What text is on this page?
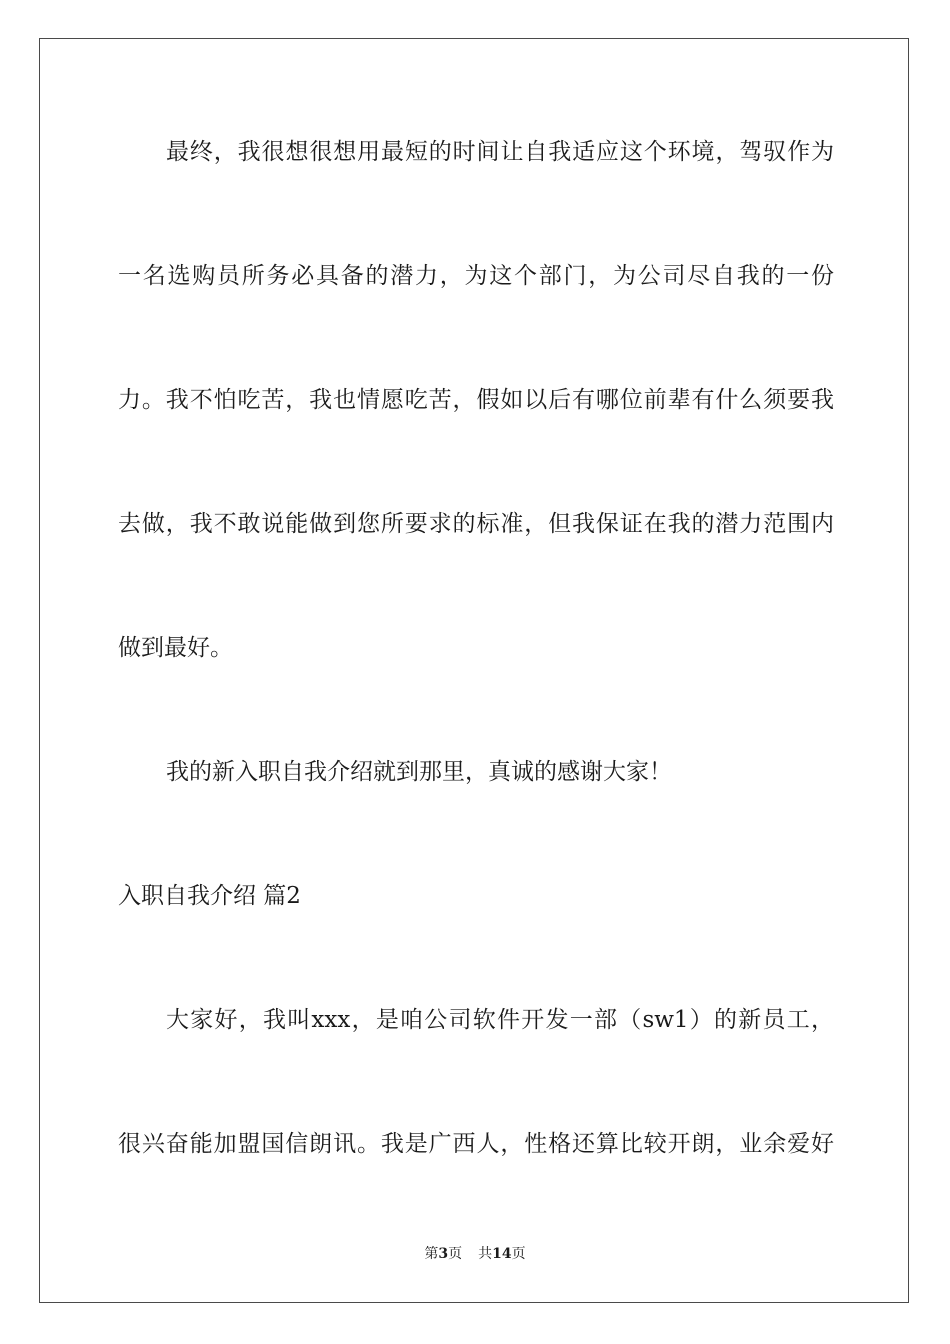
最终，我很想很想用最短的时间让自我适应这个环境，驾驭作为
一名选购员所务必具备的潜力，为这个部门，为公司尽自我的一份
力。我不怕吃苦，我也情愿吃苦，假如以后有哪位前辈有什么须要我
去做，我不敢说能做到您所要求的标准，但我保证在我的潜力范围内
做到最好。
我的新入职自我介绍就到那里，真诚的感谢大家！
入职自我介绍 篇2
大家好，我叫xxx，是咱公司软件开发一部（sw1）的新员工，
很兴奋能加盟国信朗讯。我是广西人，性格还算比较开朗，业余爱好
第3页 共14页
